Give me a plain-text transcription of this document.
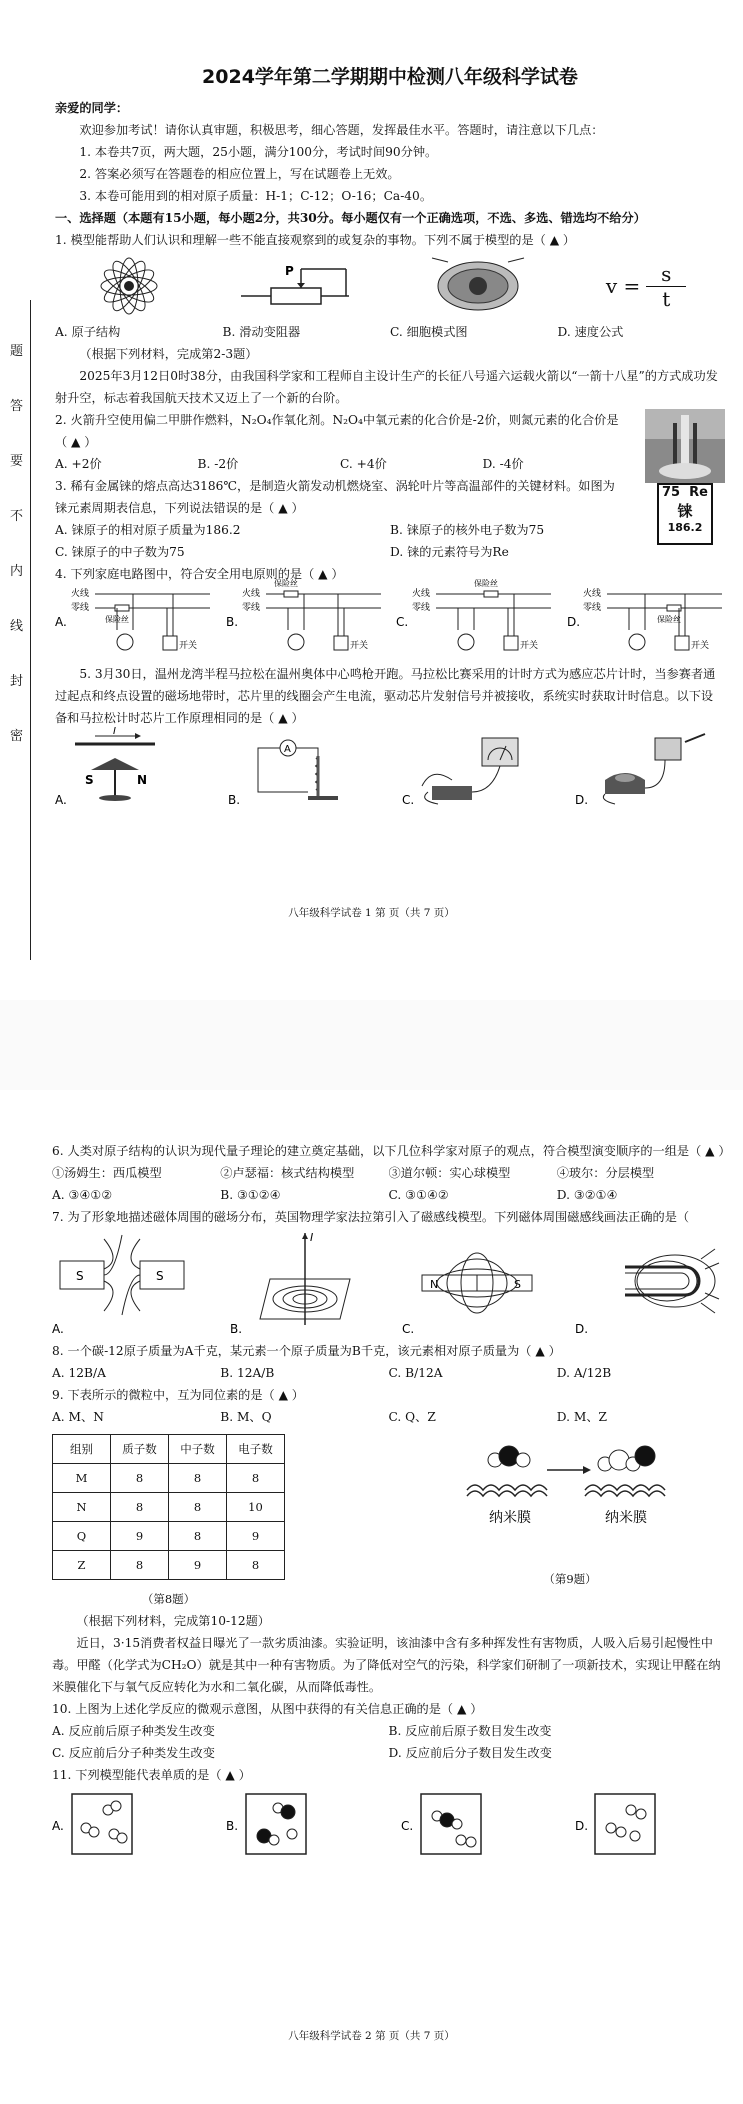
题
答
要
不
内
线
封
密
2024学年第二学期期中检测八年级科学试卷

亲爱的同学：

欢迎参加考试！请你认真审题，积极思考，细心答题，发挥最佳水平。答题时，请注意以下几点：

1. 本卷共7页，两大题，25小题，满分100分，考试时间90分钟。

2. 答案必须写在答题卷的相应位置上，写在试题卷上无效。

3. 本卷可能用到的相对原子质量：H-1；C-12；O-16；Ca-40。

一、选择题（本题有15小题，每小题2分，共30分。每小题仅有一个正确选项，不选、多选、错选均不给分）

1. 模型能帮助人们认识和理解一些不能直接观察到的或复杂的事物。下列不属于模型的是（ ▲ ）

P
$v = \frac{s}{t}$
A. 原子结构	B. 滑动变阻器	C. 细胞模式图	D. 速度公式

（根据下列材料，完成第2-3题）

2025年3月12日0时38分，由我国科学家和工程师自主设计生产的长征八号遥六运载火箭以“一箭十八星”的方式成功发射升空，标志着我国航天技术又迈上了一个新的台阶。

2. 火箭升空使用偏二甲肼作燃料，N₂O₄作氧化剂。N₂O₄中氧元素的化合价是-2价，则氮元素的化合价是（ ▲ ）

A. +2价	B. -2价	C. +4价	D. -4价

3. 稀有金属铼的熔点高达3186℃，是制造火箭发动机燃烧室、涡轮叶片等高温部件的关键材料。如图为铼元素周期表信息，下列说法错误的是（ ▲ ）

A. 铼原子的相对原子质量为186.2	B. 铼原子的核外电子数为75
C. 铼原子的中子数为75	D. 铼的元素符号为Re
75 Re
铼
186.2

4. 下列家庭电路图中，符合安全用电原则的是（ ▲ ）

A.
火线
零线
保险丝
开关
B.
火线
零线
保险丝
开关
C.
火线
零线
保险丝
开关
D.
火线
零线
保险丝
开关

5. 3月30日，温州龙湾半程马拉松在温州奥体中心鸣枪开跑。马拉松比赛采用的计时方式为感应芯片计时，当参赛者通过起点和终点设置的磁场地带时，芯片里的线圈会产生电流，驱动芯片发射信号并被接收，系统实时获取计时信息。以下设备和马拉松计时芯片工作原理相同的是（ ▲ ）

A.
I
S	N
B.
A
C.	D.
八年级科学试卷 1 第 页（共 7 页）

6. 人类对原子结构的认识为现代量子理论的建立奠定基础，以下几位科学家对原子的观点，符合模型演变顺序的一组是（ ▲ ）

①汤姆生：西瓜模型	②卢瑟福：核式结构模型	③道尔顿：实心球模型	④玻尔：分层模型
A. ③④①②	B. ③①②④	C. ③①④②	D. ③②①④

7. 为了形象地描述磁体周围的磁场分布，英国物理学家法拉第引入了磁感线模型。下列磁体周围磁感线画法正确的是（

A.
S	S
B.
I
C.
N	S
D.

8. 一个碳-12原子质量为A千克，某元素一个原子质量为B千克，该元素相对原子质量为（ ▲ ）

A. 12B/A	B. 12A/B	C. B/12A	D. A/12B

9. 下表所示的微粒中，互为同位素的是（ ▲ ）

A. M、N	B. M、Q	C. Q、Z	D. M、Z
组别	质子数	中子数	电子数
M	8	8	8
N	8	8	10
Q	9	8	9
Z	8	9	8

（第8题）

纳米膜	纳米膜

（第9题）

（根据下列材料，完成第10-12题）

近日，3·15消费者权益日曝光了一款劣质油漆。实验证明，该油漆中含有多种挥发性有害物质，人吸入后易引起慢性中毒。甲醛（化学式为CH₂O）就是其中一种有害物质。为了降低对空气的污染，科学家们研制了一项新技术，实现让甲醛在纳米膜催化下与氧气反应转化为水和二氧化碳，从而降低毒性。

10. 上图为上述化学反应的微观示意图，从图中获得的有关信息正确的是（ ▲ ）

A. 反应前后原子种类发生改变	B. 反应前后原子数目发生改变
C. 反应前后分子种类发生改变	D. 反应前后分子数目发生改变

11. 下列模型能代表单质的是（ ▲ ）

A.	B.	C.	D.
八年级科学试卷 2 第 页（共 7 页）
